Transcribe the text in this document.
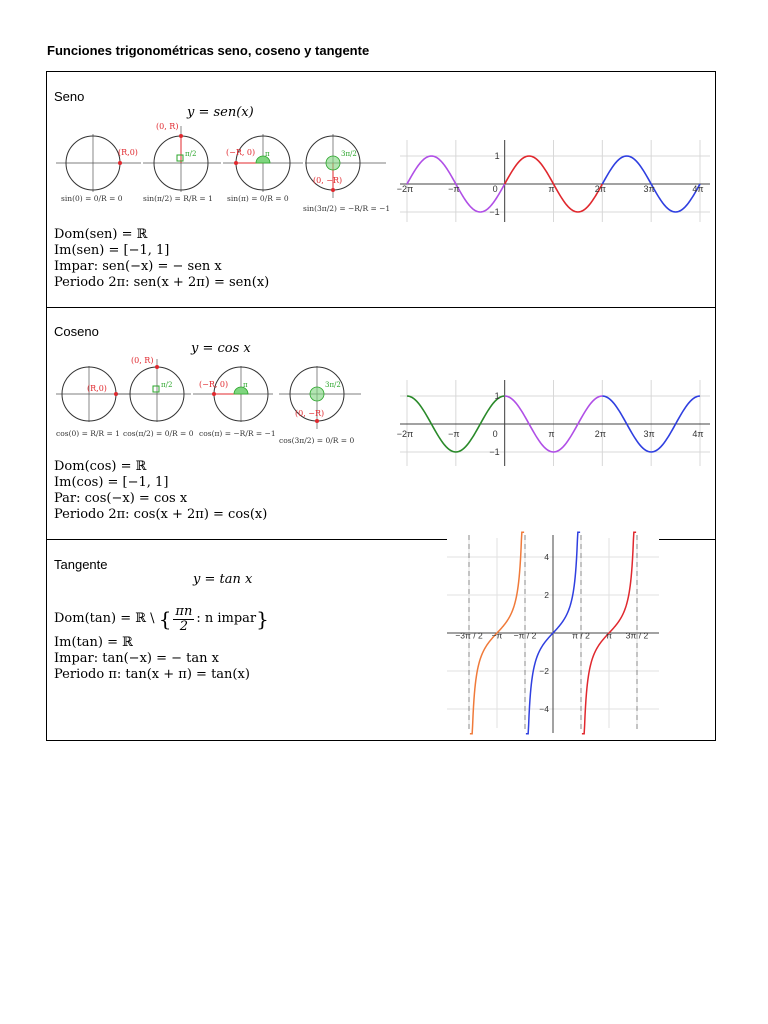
Funciones trigonométricas seno, coseno y tangente
Seno
y = sen(x)
(R,0)
sin(0) = 0/R = 0
(0, R)
π/2
sin(π/2) = R/R = 1
(−R, 0) π
sin(π) = 0/R = 0
3π/2
(0, −R)
sin(3π/2) = −R/R = −1
−2π	−π	0	π	2π	3π	4π
1
−1
Dom(sen) = ℝ
Im(sen) = [−1, 1]
Impar: sen(−x) = − sen x
Periodo 2π: sen(x + 2π) = sen(x)
Coseno
y = cos x
(R,0)
cos(0) = R/R = 1
(0, R)
π/2
cos(π/2) = 0/R = 0
(−R, 0) π
cos(π) = −R/R = −1
3π/2
(0, −R)
cos(3π/2) = 0/R = 0
−2π	−π	0	π	2π	3π	4π
1
−1
Dom(cos) = ℝ
Im(cos) = [−1, 1]
Par: cos(−x) = cos x
Periodo 2π: cos(x + 2π) = cos(x)
Tangente
y = tan x
Dom(tan) = ℝ \ { $\frac{\pi n}{2}$ : n impar }
Im(tan) = ℝ
Impar: tan(−x) = − tan x
Periodo π: tan(x + π) = tan(x)
−3π / 2 −π −π / 2	π / 2 π 3π / 2
4
2
−2
−4
